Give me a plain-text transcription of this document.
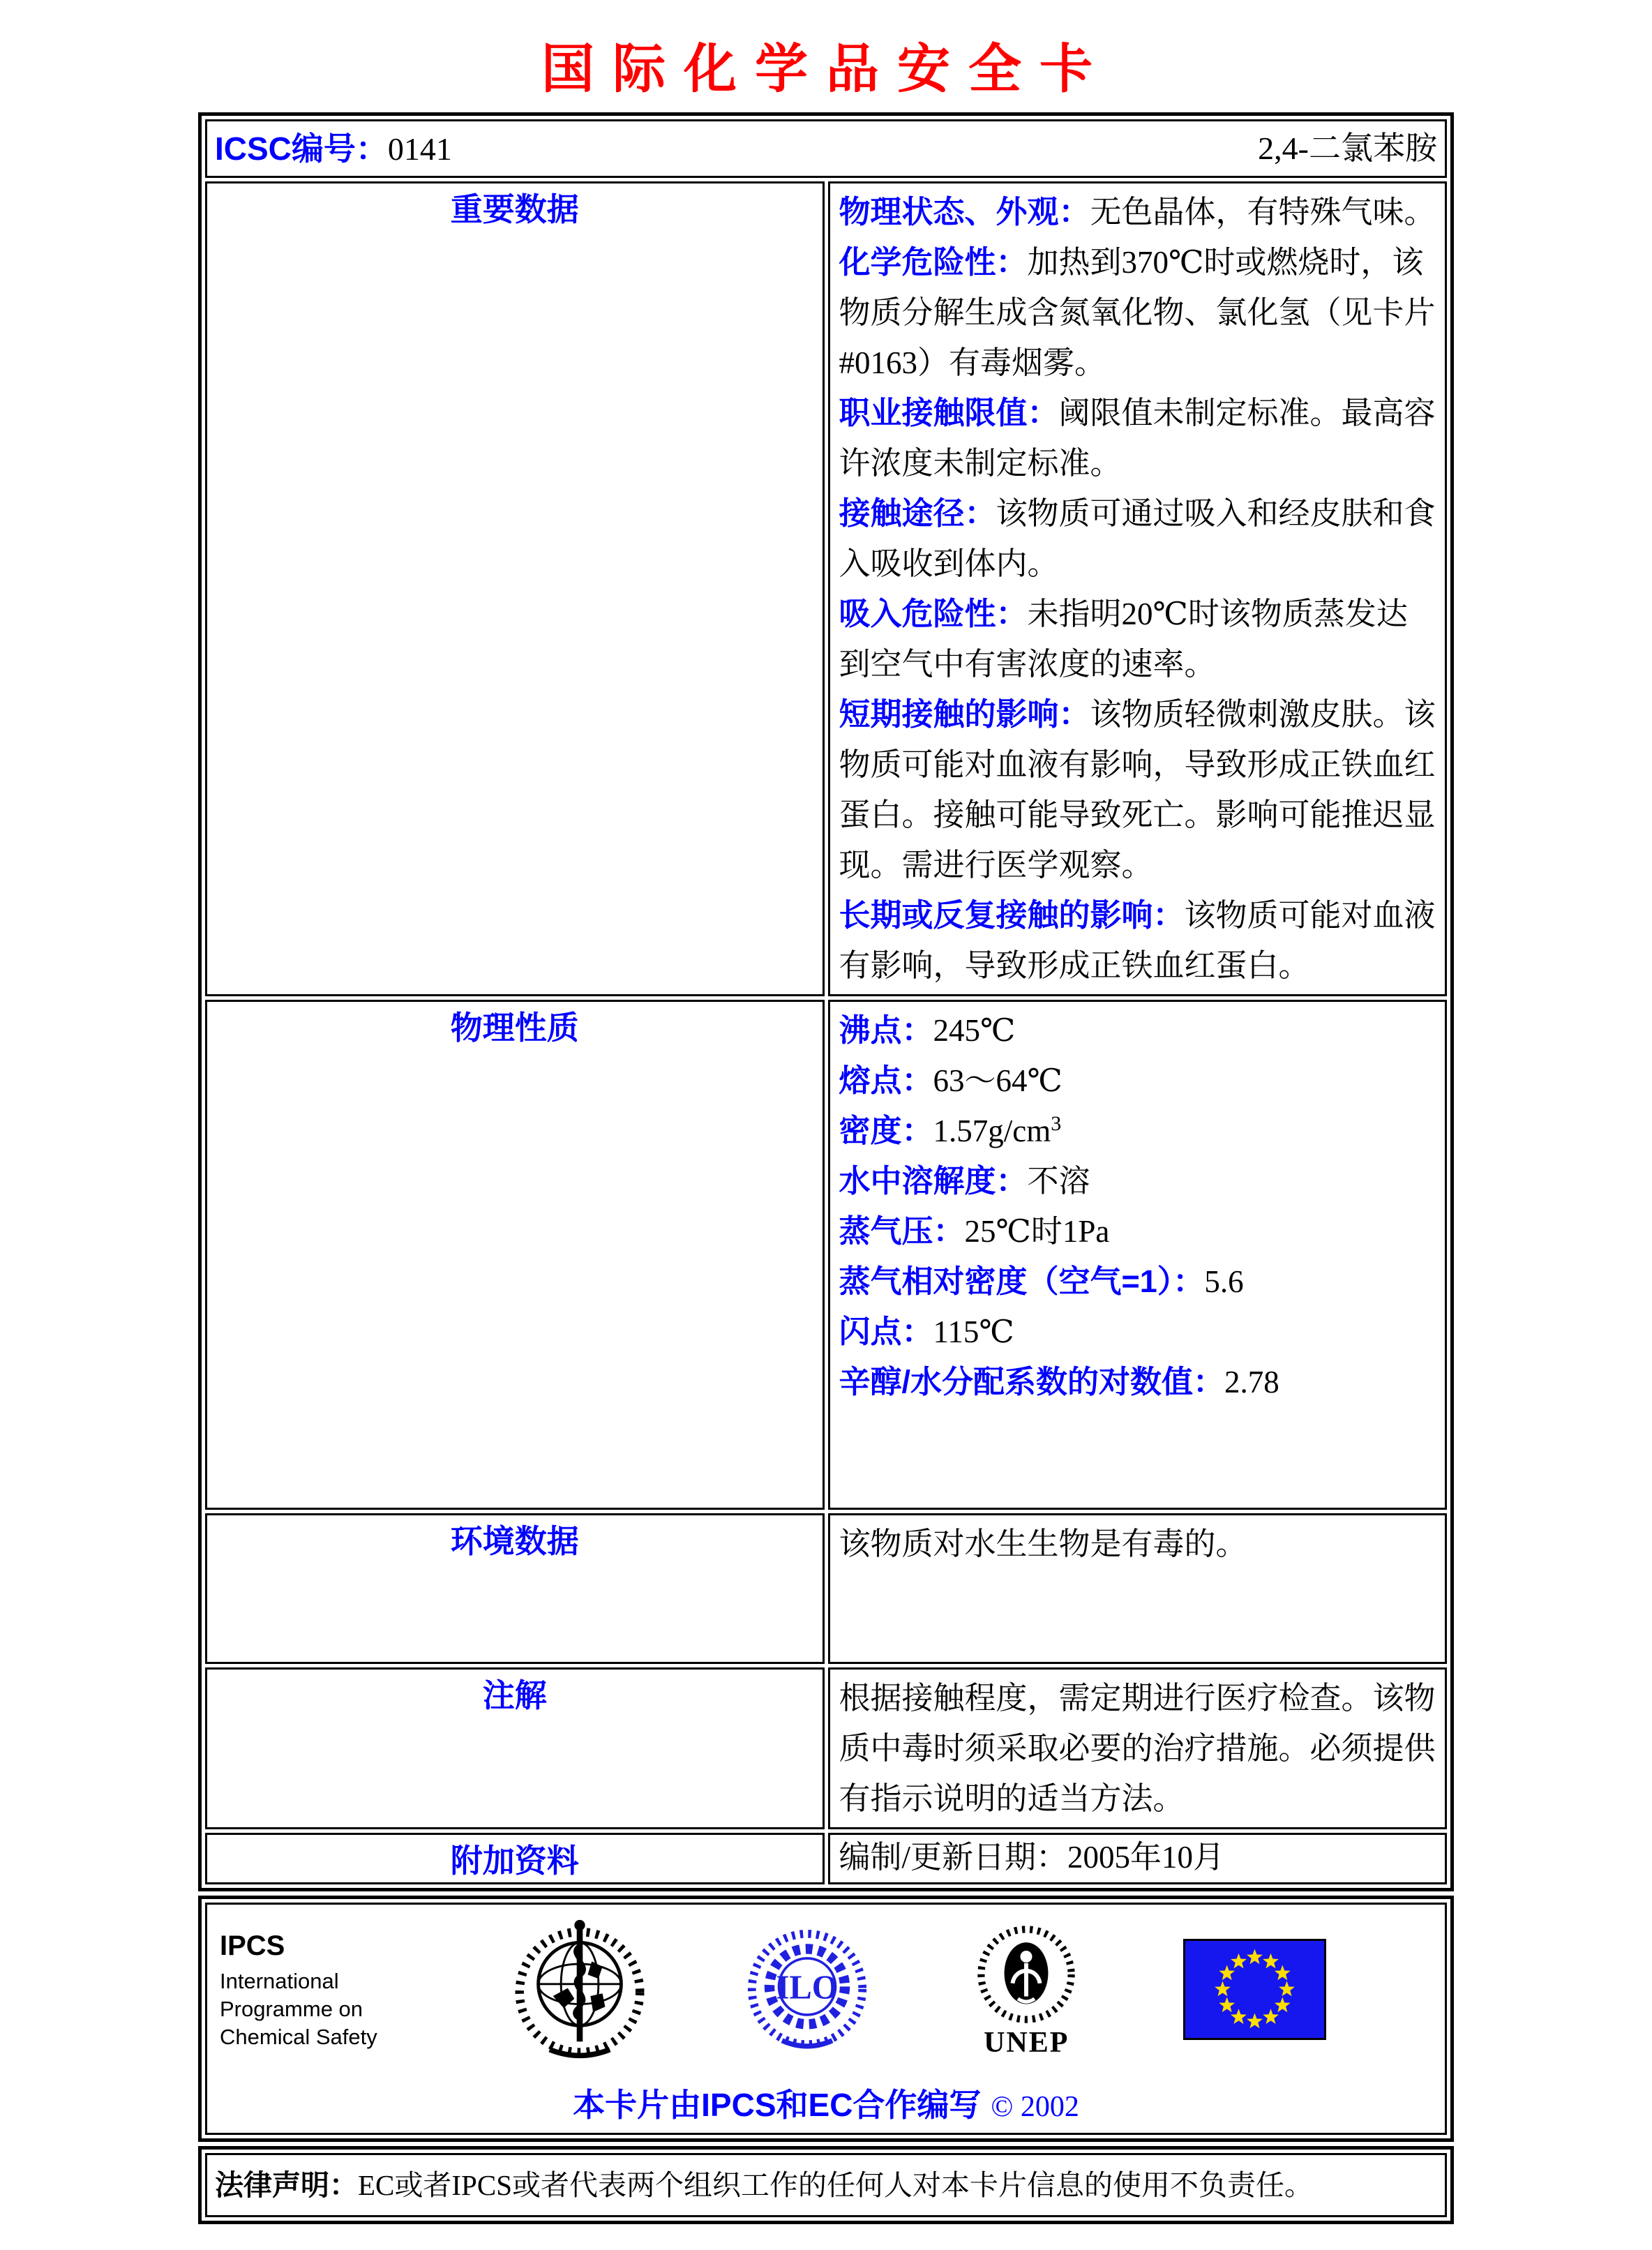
国际化学品安全卡
ICSC编号：0141 2,4-二氯苯胺	

重要数据	物理状态、外观：无色晶体，有特殊气味。
化学危险性：加热到370℃时或燃烧时，该物质分解生成含氮氧化物、氯化氢（见卡片#0163）有毒烟雾。
职业接触限值：阈限值未制定标准。最高容许浓度未制定标准。
接触途径：该物质可通过吸入和经皮肤和食入吸收到体内。
吸入危险性：未指明20℃时该物质蒸发达到空气中有害浓度的速率。
短期接触的影响：该物质轻微刺激皮肤。该物质可能对血液有影响，导致形成正铁血红蛋白。接触可能导致死亡。影响可能推迟显现。需进行医学观察。
长期或反复接触的影响：该物质可能对血液有影响，导致形成正铁血红蛋白。

物理性质	沸点：245℃
熔点：63～64℃
密度：$1.57g/cm^3$
水中溶解度：不溶
蒸气压：25℃时1Pa
蒸气相对密度（空气=1）：5.6
闪点：115℃
辛醇/水分配系数的对数值：2.78

环境数据	该物质对水生生物是有毒的。

注解	根据接触程度，需定期进行医疗检查。该物质中毒时须采取必要的治疗措施。必须提供有指示说明的适当方法。

附加资料	编制/更新日期：2005年10月
IPCS
International
Programme on
Chemical Safety
ILO
UNEP
本卡片由IPCS和EC合作编写 © 2002
法律声明：EC或者IPCS或者代表两个组织工作的任何人对本卡片信息的使用不负责任。
